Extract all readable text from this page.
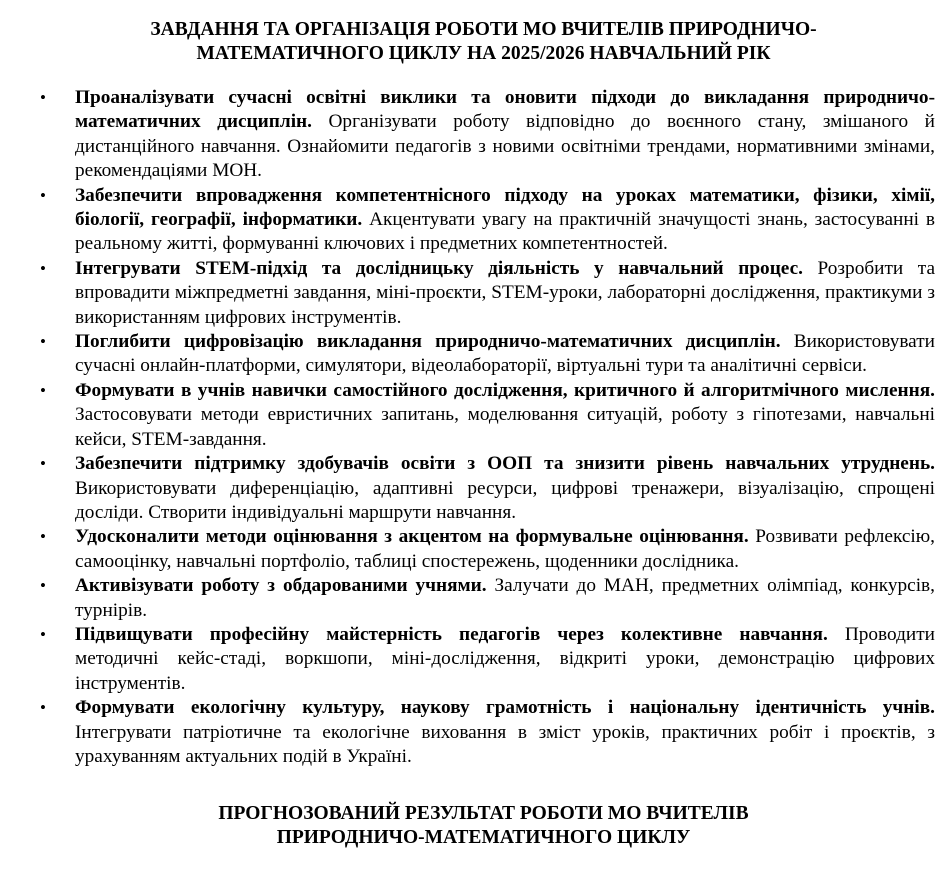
ЗАВДАННЯ ТА ОРГАНІЗАЦІЯ РОБОТИ МО ВЧИТЕЛІВ ПРИРОДНИЧО-
МАТЕМАТИЧНОГО ЦИКЛУ НА 2025/2026 НАВЧАЛЬНИЙ РІК
• Проаналізувати сучасні освітні виклики та оновити підходи до викладання природничо-математичних дисциплін. Організувати роботу відповідно до воєнного стану, змішаного й дистанційного навчання. Ознайомити педагогів з новими освітніми трендами, нормативними змінами, рекомендаціями МОН.
• Забезпечити впровадження компетентнісного підходу на уроках математики, фізики, хімії, біології, географії, інформатики. Акцентувати увагу на практичній значущості знань, застосуванні в реальному житті, формуванні ключових і предметних компетентностей.
• Інтегрувати STEM-підхід та дослідницьку діяльність у навчальний процес. Розробити та впровадити міжпредметні завдання, міні-проєкти, STEM-уроки, лабораторні дослідження, практикуми з використанням цифрових інструментів.
• Поглибити цифровізацію викладання природничо-математичних дисциплін. Використовувати сучасні онлайн-платформи, симулятори, відеолабораторії, віртуальні тури та аналітичні сервіси.
• Формувати в учнів навички самостійного дослідження, критичного й алгоритмічного мислення. Застосовувати методи евристичних запитань, моделювання ситуацій, роботу з гіпотезами, навчальні кейси, STEM-завдання.
• Забезпечити підтримку здобувачів освіти з ООП та знизити рівень навчальних утруднень. Використовувати диференціацію, адаптивні ресурси, цифрові тренажери, візуалізацію, спрощені досліди. Створити індивідуальні маршрути навчання.
• Удосконалити методи оцінювання з акцентом на формувальне оцінювання. Розвивати рефлексію, самооцінку, навчальні портфоліо, таблиці спостережень, щоденники дослідника.
• Активізувати роботу з обдарованими учнями. Залучати до МАН, предметних олімпіад, конкурсів, турнірів.
• Підвищувати професійну майстерність педагогів через колективне навчання. Проводити методичні кейс-стаді, воркшопи, міні-дослідження, відкриті уроки, демонстрацію цифрових інструментів.
• Формувати екологічну культуру, наукову грамотність і національну ідентичність учнів. Інтегрувати патріотичне та екологічне виховання в зміст уроків, практичних робіт і проєктів, з урахуванням актуальних подій в Україні.
ПРОГНОЗОВАНИЙ РЕЗУЛЬТАТ РОБОТИ МО ВЧИТЕЛІВ
ПРИРОДНИЧО-МАТЕМАТИЧНОГО ЦИКЛУ
